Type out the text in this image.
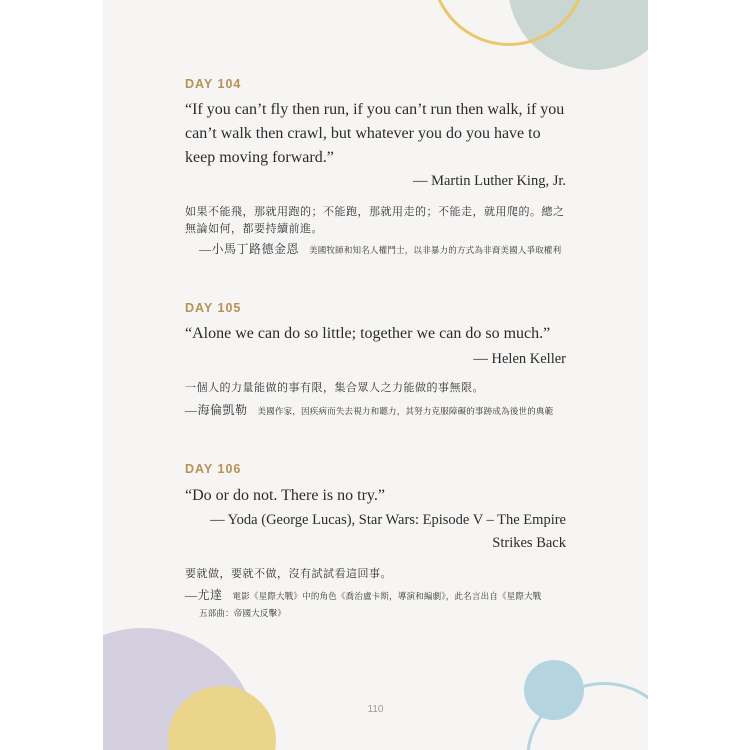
DAY 104
“If you can’t fly then run, if you can’t run then walk, if you can’t walk then crawl, but whatever you do you have to keep moving forward.”
— Martin Luther King, Jr.
如果不能飛，那就用跑的；不能跑，那就用走的；不能走，就用爬的。總之無論如何，都要持續前進。
—小馬丁路德金恩 美國牧師和知名人權鬥士，以非暴力的方式為非裔美國人爭取權利
DAY 105
“Alone we can do so little; together we can do so much.”
— Helen Keller
一個人的力量能做的事有限，集合眾人之力能做的事無限。
—海倫凱勒 美國作家，因疾病而失去視力和聽力，其努力克服障礙的事跡成為後世的典範
DAY 106
“Do or do not. There is no try.”
— Yoda (George Lucas), Star Wars: Episode V – The Empire Strikes Back
要就做，要就不做，沒有試試看這回事。
—尤達 電影《星際大戰》中的角色《喬治盧卡斯，導演和編劇》，此名言出自《星際大戰
五部曲：帝國大反擊》
110
